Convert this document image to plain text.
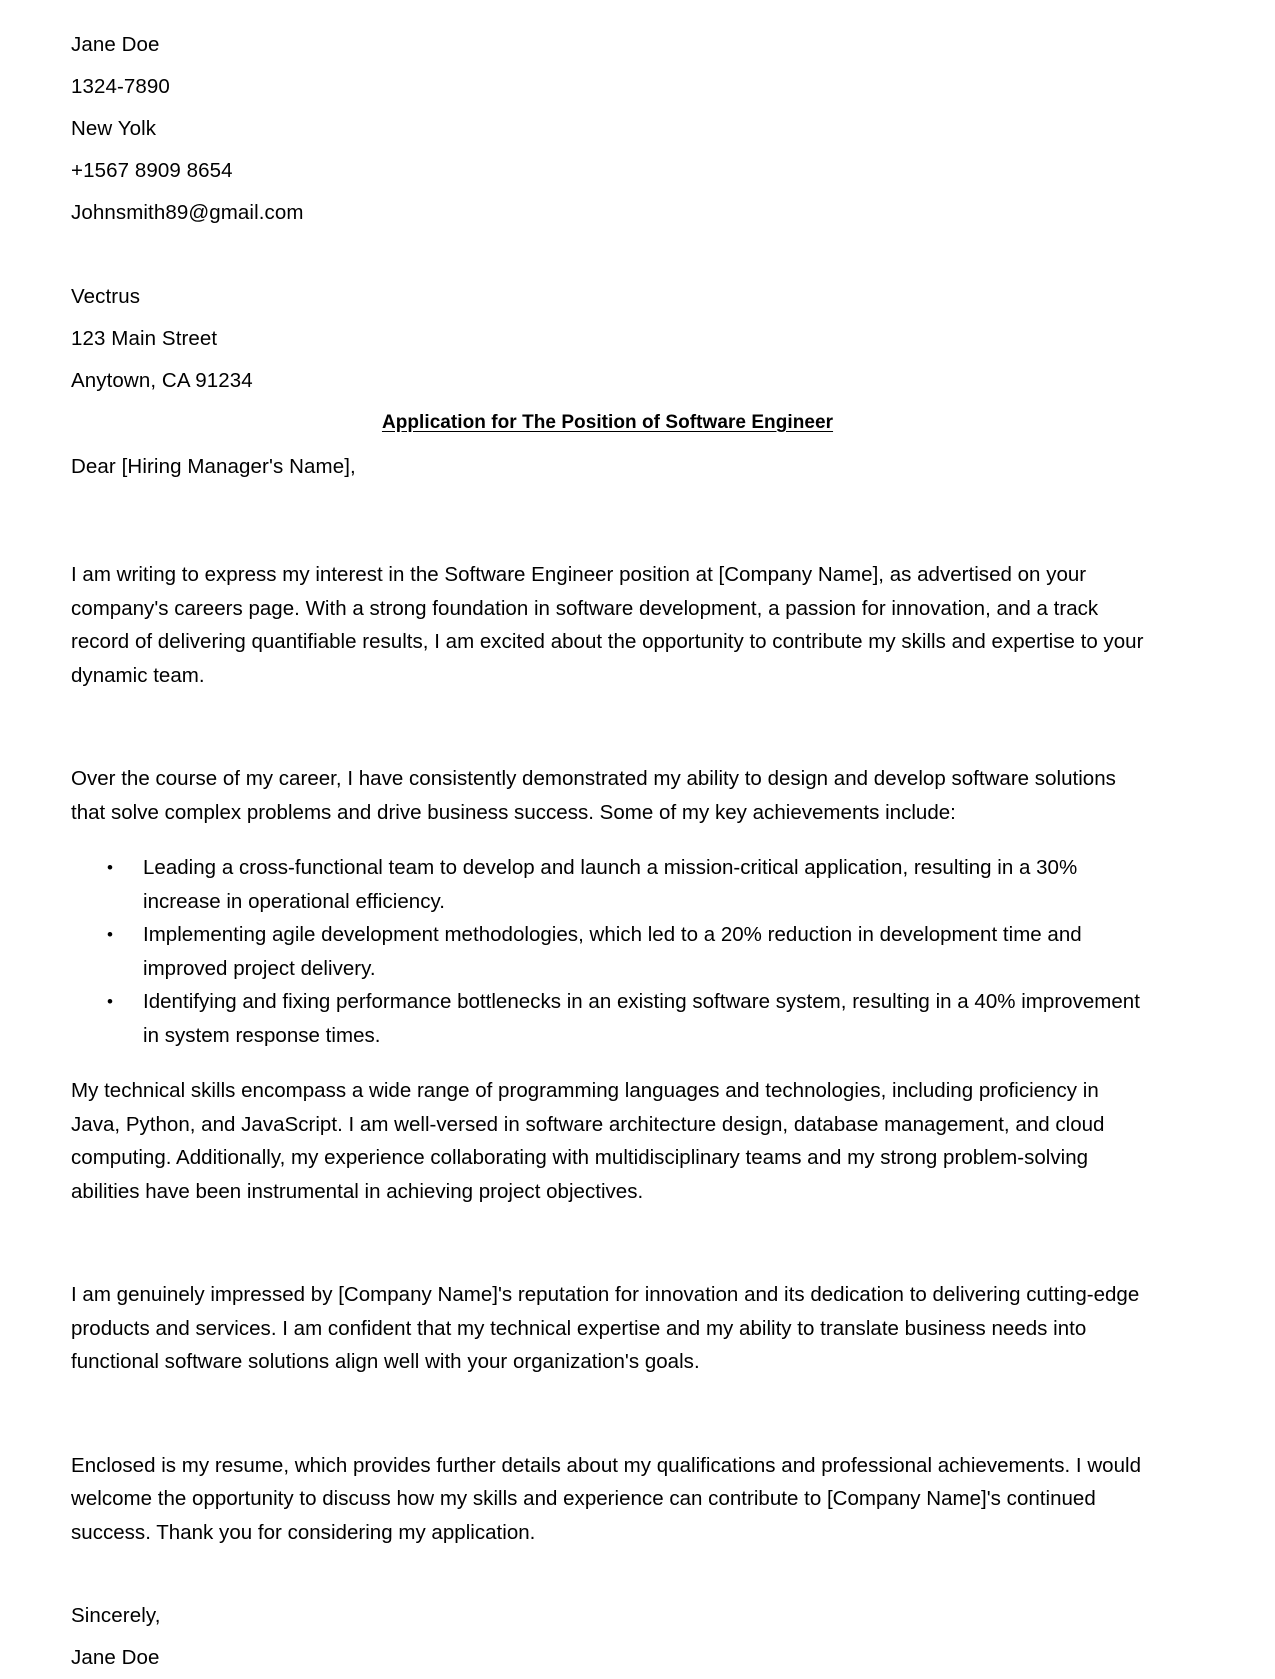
Jane Doe
1324-7890
New Yolk
+1567 8909 8654
Johnsmith89@gmail.com
Vectrus
123 Main Street
Anytown, CA 91234
Application for The Position of Software Engineer
Dear [Hiring Manager's Name],

I am writing to express my interest in the Software Engineer position at [Company Name], as advertised on your company's careers page. With a strong foundation in software development, a passion for innovation, and a track record of delivering quantifiable results, I am excited about the opportunity to contribute my skills and expertise to your dynamic team.

Over the course of my career, I have consistently demonstrated my ability to design and develop software solutions that solve complex problems and drive business success. Some of my key achievements include:

• Leading a cross-functional team to develop and launch a mission-critical application, resulting in a 30% increase in operational efficiency.
• Implementing agile development methodologies, which led to a 20% reduction in development time and improved project delivery.
• Identifying and fixing performance bottlenecks in an existing software system, resulting in a 40% improvement in system response times.

My technical skills encompass a wide range of programming languages and technologies, including proficiency in Java, Python, and JavaScript. I am well-versed in software architecture design, database management, and cloud computing. Additionally, my experience collaborating with multidisciplinary teams and my strong problem-solving abilities have been instrumental in achieving project objectives.

I am genuinely impressed by [Company Name]'s reputation for innovation and its dedication to delivering cutting-edge products and services. I am confident that my technical expertise and my ability to translate business needs into functional software solutions align well with your organization's goals.

Enclosed is my resume, which provides further details about my qualifications and professional achievements. I would welcome the opportunity to discuss how my skills and experience can contribute to [Company Name]'s continued success. Thank you for considering my application.

Sincerely,
Jane Doe
